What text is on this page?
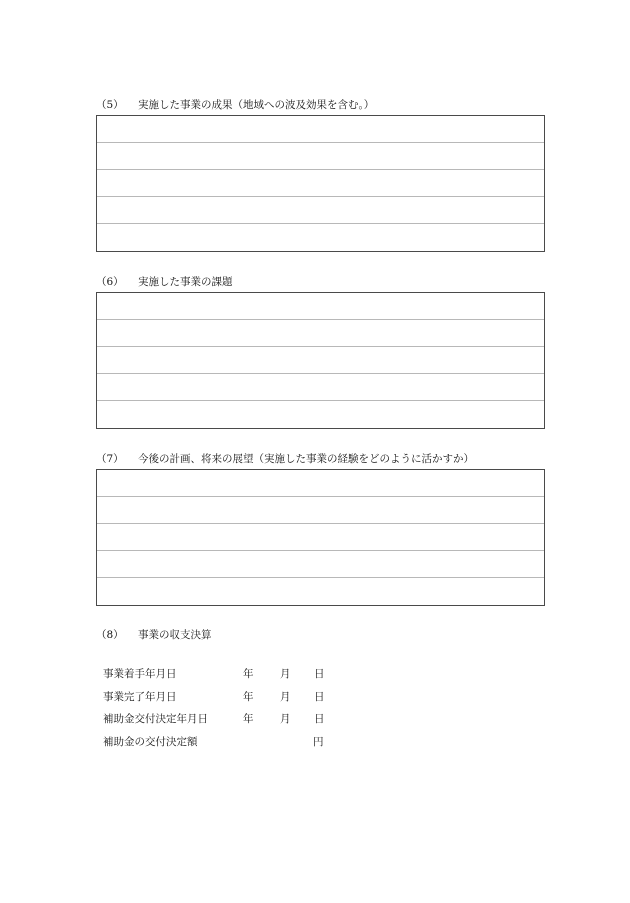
（5） 実施した事業の成果（地域への波及効果を含む。）
（6） 実施した事業の課題
（7） 今後の計画、将来の展望（実施した事業の経験をどのように活かすか）
（8） 事業の収支決算
事業着手年月日	年	月 日
事業完了年月日	年	月 日
補助金交付決定年月日	年	月 日
補助金の交付決定額	円
